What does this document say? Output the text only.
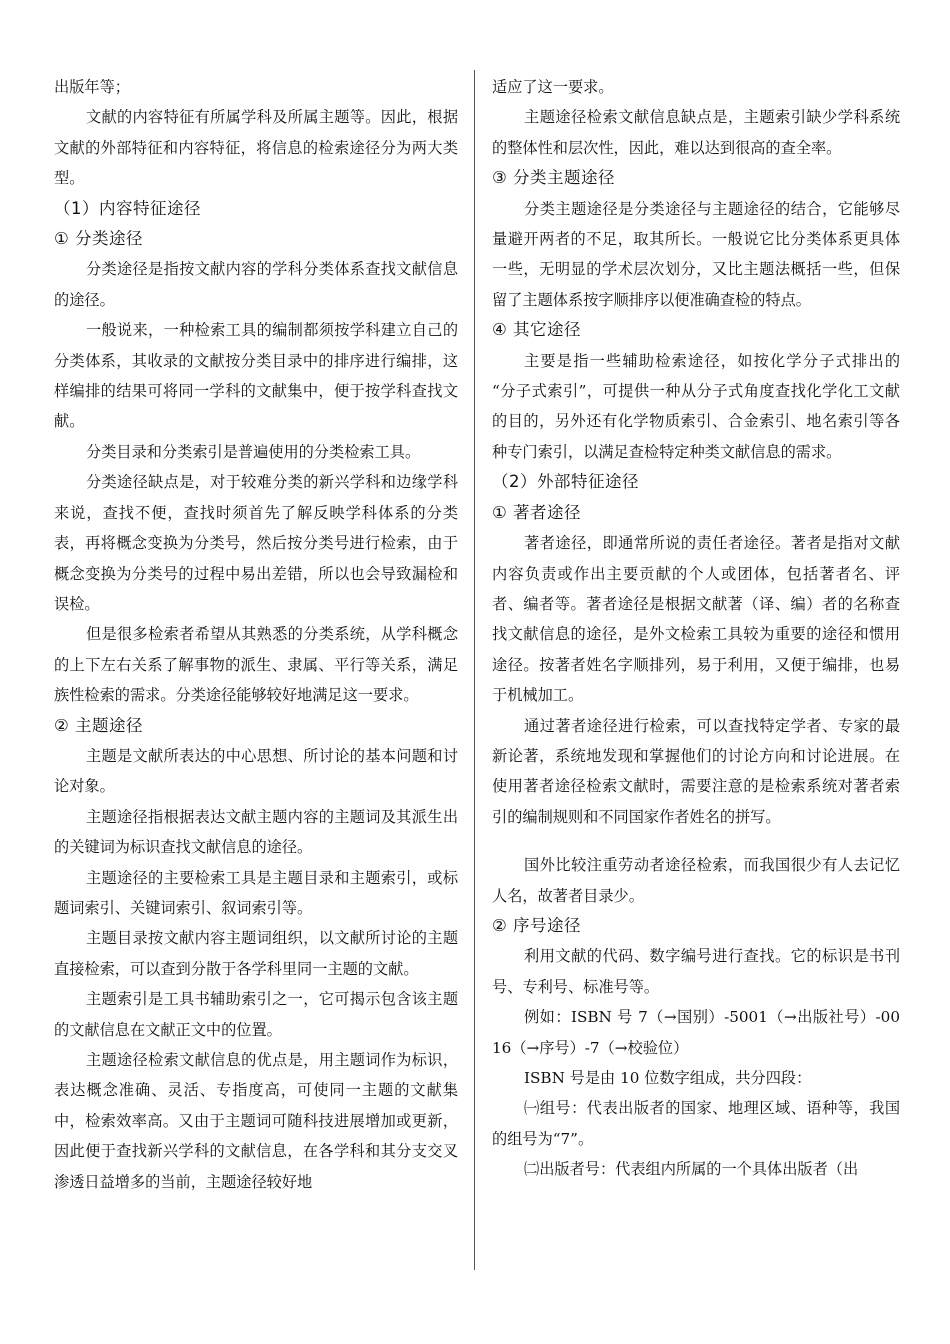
出版年等；

文献的内容特征有所属学科及所属主题等。因此，根据文献的外部特征和内容特征，将信息的检索途径分为两大类型。

（1）内容特征途径
① 分类途径

分类途径是指按文献内容的学科分类体系查找文献信息的途径。

一般说来，一种检索工具的编制都须按学科建立自己的分类体系，其收录的文献按分类目录中的排序进行编排，这样编排的结果可将同一学科的文献集中，便于按学科查找文献。

分类目录和分类索引是普遍使用的分类检索工具。

分类途径缺点是，对于较难分类的新兴学科和边缘学科来说，查找不便，查找时须首先了解反映学科体系的分类表，再将概念变换为分类号，然后按分类号进行检索，由于概念变换为分类号的过程中易出差错，所以也会导致漏检和误检。

但是很多检索者希望从其熟悉的分类系统，从学科概念的上下左右关系了解事物的派生、隶属、平行等关系，满足族性检索的需求。分类途径能够较好地满足这一要求。

② 主题途径

主题是文献所表达的中心思想、所讨论的基本问题和讨论对象。

主题途径指根据表达文献主题内容的主题词及其派生出的关键词为标识查找文献信息的途径。

主题途径的主要检索工具是主题目录和主题索引，或标题词索引、关键词索引、叙词索引等。

主题目录按文献内容主题词组织，以文献所讨论的主题直接检索，可以查到分散于各学科里同一主题的文献。

主题索引是工具书辅助索引之一，它可揭示包含该主题的文献信息在文献正文中的位置。

主题途径检索文献信息的优点是，用主题词作为标识，表达概念准确、灵活、专指度高，可使同一主题的文献集中，检索效率高。又由于主题词可随科技进展增加或更新，因此便于查找新兴学科的文献信息，在各学科和其分支交叉渗透日益增多的当前，主题途径较好地

适应了这一要求。

主题途径检索文献信息缺点是，主题索引缺少学科系统的整体性和层次性，因此，难以达到很高的查全率。

③ 分类主题途径

分类主题途径是分类途径与主题途径的结合，它能够尽量避开两者的不足，取其所长。一般说它比分类体系更具体一些，无明显的学术层次划分，又比主题法概括一些，但保留了主题体系按字顺排序以便准确查检的特点。

④ 其它途径

主要是指一些辅助检索途径，如按化学分子式排出的 “分子式索引”，可提供一种从分子式角度查找化学化工文献的目的，另外还有化学物质索引、合金索引、地名索引等各种专门索引，以满足查检特定种类文献信息的需求。

（2）外部特征途径
① 著者途径

著者途径，即通常所说的责任者途径。著者是指对文献内容负责或作出主要贡献的个人或团体，包括著者名、评者、编者等。著者途径是根据文献著（译、编）者的名称查找文献信息的途径，是外文检索工具较为重要的途径和惯用途径。按著者姓名字顺排列，易于利用，又便于编排，也易于机械加工。

通过著者途径进行检索，可以查找特定学者、专家的最新论著，系统地发现和掌握他们的讨论方向和讨论进展。在使用著者途径检索文献时，需要注意的是检索系统对著者索引的编制规则和不同国家作者姓名的拼写。

国外比较注重劳动者途径检索，而我国很少有人去记忆人名，故著者目录少。

② 序号途径

利用文献的代码、数字编号进行查找。它的标识是书刊号、专利号、标准号等。

例如：ISBN 号 7（→国别）-5001（→出版社号）-0016（→序号）-7（→校验位）

ISBN 号是由 10 位数字组成，共分四段：

㈠组号：代表出版者的国家、地理区域、语种等，我国的组号为“7”。

㈡出版者号：代表组内所属的一个具体出版者（出
